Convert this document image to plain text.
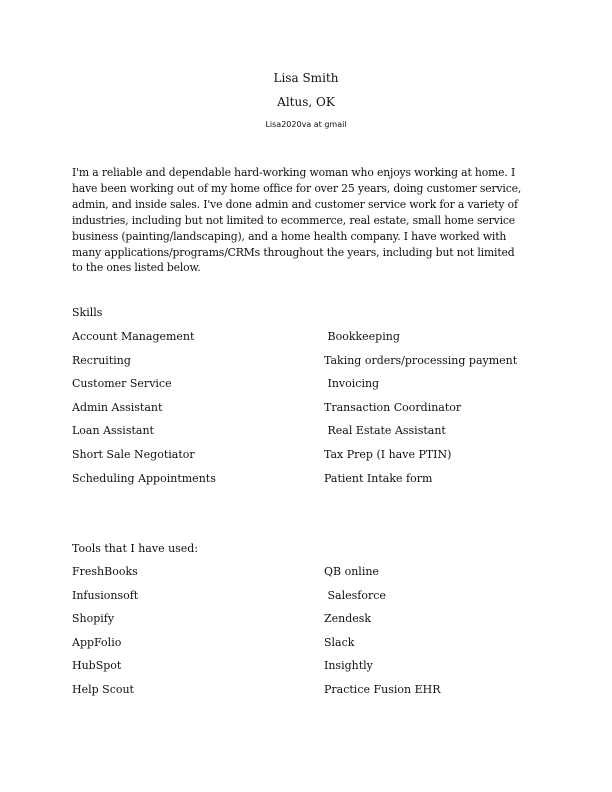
Lisa Smith
Altus, OK
Lisa2020va at gmail
I'm a reliable and dependable hard-working woman who enjoys working at home. I
have been working out of my home office for over 25 years, doing customer service,
admin, and inside sales. I've done admin and customer service work for a variety of
industries, including but not limited to ecommerce, real estate, small home service
business (painting/landscaping), and a home health company. I have worked with
many applications/programs/CRMs throughout the years, including but not limited
to the ones listed below.
Skills
Account Management	Bookkeeping
Recruiting	Taking orders/processing payment
Customer Service	Invoicing
Admin Assistant	Transaction Coordinator
Loan Assistant	Real Estate Assistant
Short Sale Negotiator	Tax Prep (I have PTIN)
Scheduling Appointments	Patient Intake form
Tools that I have used:
FreshBooks	QB online
Infusionsoft	Salesforce
Shopify	Zendesk
AppFolio	Slack
HubSpot	Insightly
Help Scout	Practice Fusion EHR
